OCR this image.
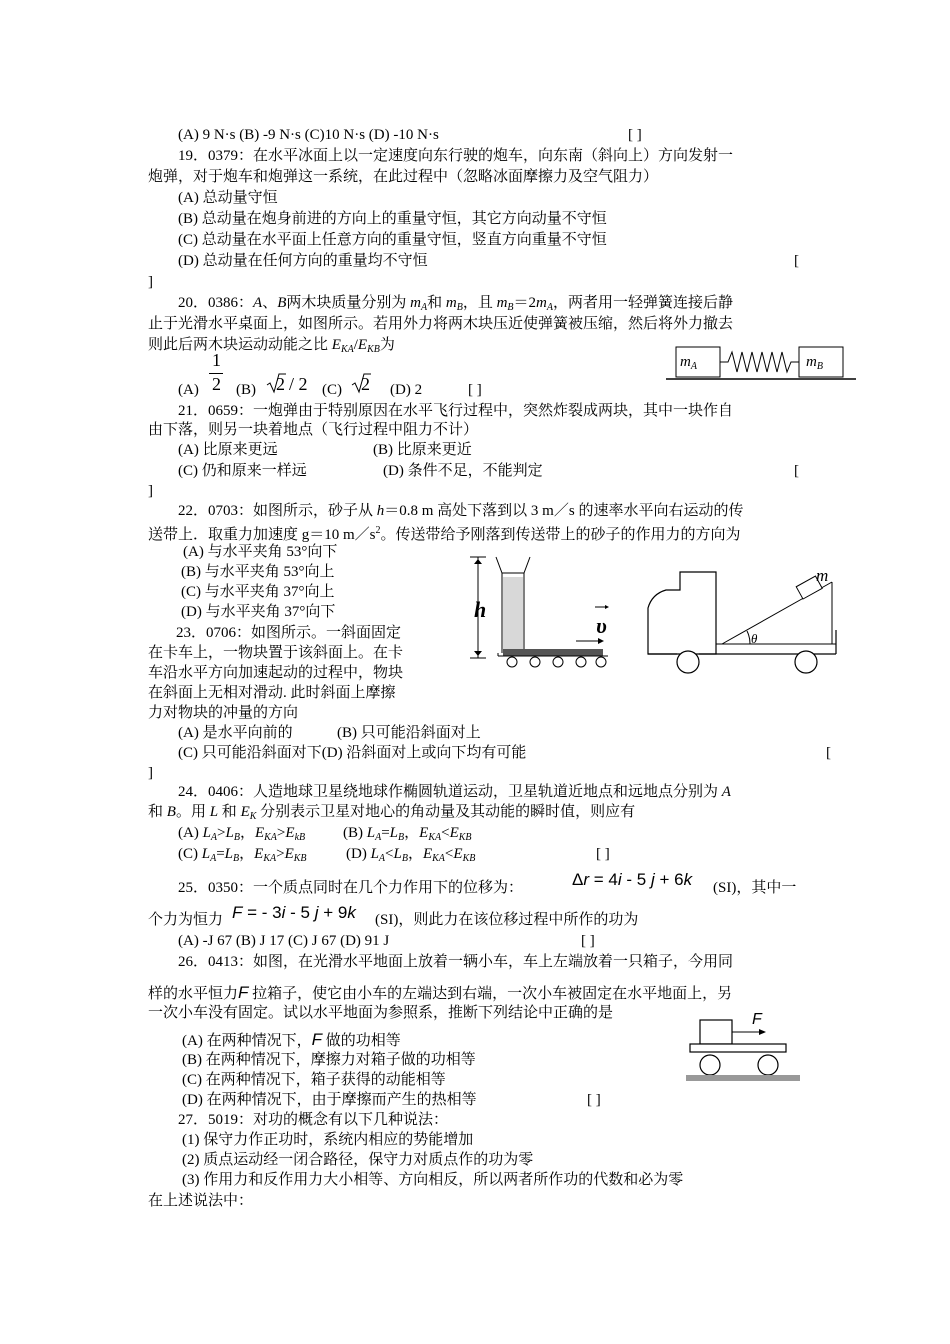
(A) 9 N·s (B) -9 N·s (C)10 N·s (D) -10 N·s	[ ]
19．0379：在水平冰面上以一定速度向东行驶的炮车，向东南（斜向上）方向发射一
炮弹，对于炮车和炮弹这一系统，在此过程中（忽略冰面摩擦力及空气阻力）
(A) 总动量守恒
(B) 总动量在炮身前进的方向上的重量守恒，其它方向动量不守恒
(C) 总动量在水平面上任意方向的重量守恒，竖直方向重量不守恒
(D) 总动量在任何方向的重量均不守恒	[
]
20．0386：A、B两木块质量分别为 $m_A$和 $m_B$，且 $m_B=2m_A$，两者用一轻弹簧连接后静
止于光滑水平桌面上，如图所示。若用外力将两木块压近使弹簧被压缩，然后将外力撤去
则此后两木块运动动能之比 $E_{KA}/E_{KB}$为
(A)
1
2 (B) 2 / 2 (C) 2 (D) 2	[ ]
$m_A$	$m_B$
21．0659：一炮弹由于特别原因在水平飞行过程中，突然炸裂成两块，其中一块作自
由下落，则另一块着地点（飞行过程中阻力不计）
(A) 比原来更远	(B) 比原来更近
(C) 仍和原来一样远	(D) 条件不足，不能判定	[
]
22．0703：如图所示，砂子从 h＝0.8 m 高处下落到以 3 m／s 的速率水平向右运动的传
送带上．取重力加速度 g＝10 $m/s^2$。传送带给予刚落到传送带上的砂子的作用力的方向为
(A) 与水平夹角 53°向下
(B) 与水平夹角 53°向上
(C) 与水平夹角 37°向上
(D) 与水平夹角 37°向下	h
υ
23．0706：如图所示。一斜面固定
在卡车上，一物块置于该斜面上。在卡
车沿水平方向加速起动的过程中，物块
在斜面上无相对滑动. 此时斜面上摩擦
力对物块的冲量的方向
(A) 是水平向前的	(B) 只可能沿斜面对上
(C) 只可能沿斜面对下(D) 沿斜面对上或向下均有可能	[
]
m
θ
24．0406：人造地球卫星绕地球作椭圆轨道运动，卫星轨道近地点和远地点分别为 A
和 B。用 L 和 $E_K$ 分别表示卫星对地心的角动量及其动能的瞬时值，则应有
(A) $L_A>L_B$，$E_{KA}>E_{kB}$	(B) $L_A=L_B$，$E_{KA}<E_{KB}$
(C) $L_A=L_B$，$E_{KA}>E_{KB}$	(D) $L_A<L_B$，$E_{KA}<E_{KB}$	[ ]
25．0350：一个质点同时在几个力作用下的位移为：	Δr = 4i - 5 j + 6k (SI)，其中一
个力为恒力 F = - 3i - 5 j + 9k (SI)，则此力在该位移过程中所作的功为
(A) -J 67 (B) J 17 (C) J 67 (D) 91 J	[ ]
26．0413：如图，在光滑水平地面上放着一辆小车，车上左端放着一只箱子，今用同
样的水平恒力F 拉箱子，使它由小车的左端达到右端，一次小车被固定在水平地面上，另
一次小车没有固定。试以水平地面为参照系，推断下列结论中正确的是
(A) 在两种情况下，F 做的功相等
(B) 在两种情况下，摩擦力对箱子做的功相等
(C) 在两种情况下，箱子获得的动能相等
(D) 在两种情况下，由于摩擦而产生的热相等	[ ]
F
27．5019：对功的概念有以下几种说法：
(1) 保守力作正功时，系统内相应的势能增加
(2) 质点运动经一闭合路径，保守力对质点作的功为零
(3) 作用力和反作用力大小相等、方向相反，所以两者所作功的代数和必为零
在上述说法中：
